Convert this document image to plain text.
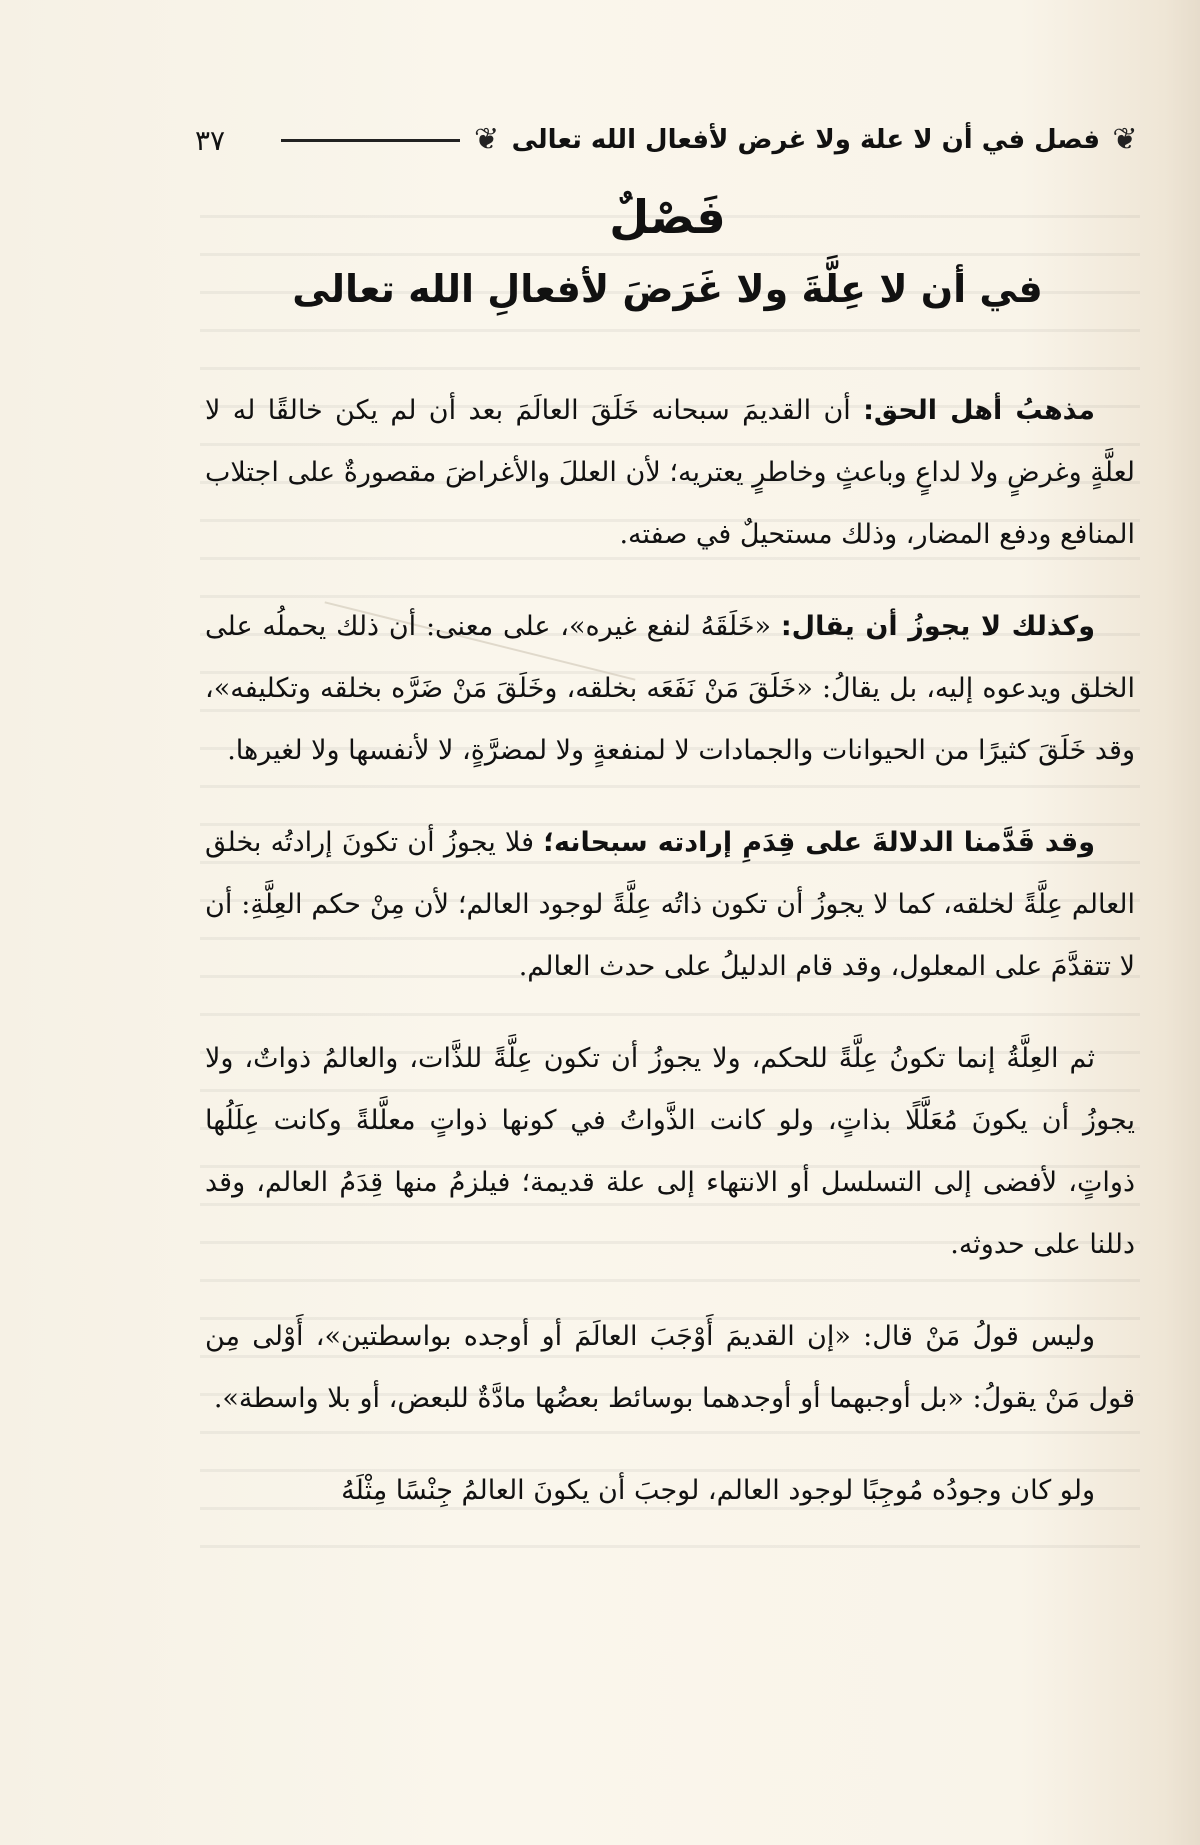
❦
فصل في أن لا علة ولا غرض لأفعال الله تعالى
❦
٣٧
فَصْلٌ
في أن لا عِلَّةَ ولا غَرَضَ لأفعالِ الله تعالى

مذهبُ أهل الحق: أن القديمَ سبحانه خَلَقَ العالَمَ بعد أن لم يكن خالقًا له لا لعلَّةٍ وغرضٍ ولا لداعٍ وباعثٍ وخاطرٍ يعتريه؛ لأن العللَ والأغراضَ مقصورةٌ على اجتلاب المنافع ودفع المضار، وذلك مستحيلٌ في صفته.

وكذلك لا يجوزُ أن يقال: «خَلَقَهُ لنفع غيره»، على معنى: أن ذلك يحملُه على الخلق ويدعوه إليه، بل يقالُ: «خَلَقَ مَنْ نَفَعَه بخلقه، وخَلَقَ مَنْ ضَرَّه بخلقه وتكليفه»، وقد خَلَقَ كثيرًا من الحيوانات والجمادات لا لمنفعةٍ ولا لمضرَّةٍ، لا لأنفسها ولا لغيرها.

وقد قَدَّمنا الدلالةَ على قِدَمِ إرادته سبحانه؛ فلا يجوزُ أن تكونَ إرادتُه بخلق العالم عِلَّةً لخلقه، كما لا يجوزُ أن تكون ذاتُه عِلَّةً لوجود العالم؛ لأن مِنْ حكم العِلَّةِ: أن لا تتقدَّمَ على المعلول، وقد قام الدليلُ على حدث العالم.

ثم العِلَّةُ إنما تكونُ عِلَّةً للحكم، ولا يجوزُ أن تكون عِلَّةً للذَّات، والعالمُ ذواتٌ، ولا يجوزُ أن يكونَ مُعَلَّلًا بذاتٍ، ولو كانت الذَّواتُ في كونها ذواتٍ معلَّلةً وكانت عِلَلُها ذواتٍ، لأفضى إلى التسلسل أو الانتهاء إلى علة قديمة؛ فيلزمُ منها قِدَمُ العالم، وقد دللنا على حدوثه.

وليس قولُ مَنْ قال: «إن القديمَ أَوْجَبَ العالَمَ أو أوجده بواسطتين»، أَوْلى مِن قول مَنْ يقولُ: «بل أوجبهما أو أوجدهما بوسائط بعضُها مادَّةٌ للبعض، أو بلا واسطة».

ولو كان وجودُه مُوجِبًا لوجود العالم، لوجبَ أن يكونَ العالمُ جِنْسًا مِثْلَهُ
